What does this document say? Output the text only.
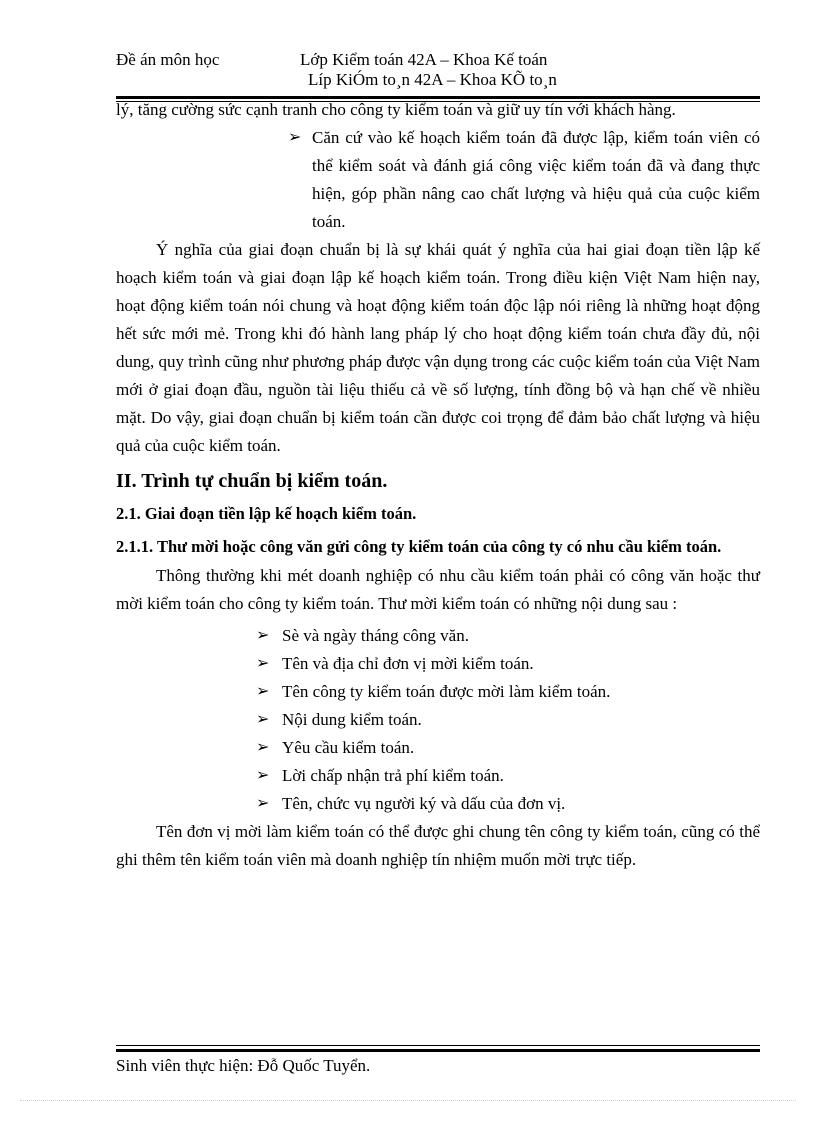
Đề án môn học	Lớp Kiểm toán 42A – Khoa Kế toán
Líp KiÓm to¸n 42A – Khoa KÕ to¸n

lý, tăng cường sức cạnh tranh cho công ty kiểm toán và giữ uy tín với khách hàng.

➢ Căn cứ vào kế hoạch kiểm toán đã được lập, kiểm toán viên có thể kiểm soát và đánh giá công việc kiểm toán đã và đang thực hiện, góp phần nâng cao chất lượng và hiệu quả của cuộc kiểm toán.

Ý nghĩa của giai đoạn chuẩn bị là sự khái quát ý nghĩa của hai giai đoạn tiền lập kế hoạch kiểm toán và giai đoạn lập kế hoạch kiểm toán. Trong điều kiện Việt Nam hiện nay, hoạt động kiểm toán nói chung và hoạt động kiểm toán độc lập nói riêng là những hoạt động hết sức mới mẻ. Trong khi đó hành lang pháp lý cho hoạt động kiểm toán chưa đầy đủ, nội dung, quy trình cũng như phương pháp được vận dụng trong các cuộc kiểm toán của Việt Nam mới ở giai đoạn đầu, nguồn tài liệu thiếu cả về số lượng, tính đồng bộ và hạn chế về nhiều mặt. Do vậy, giai đoạn chuẩn bị kiểm toán cần được coi trọng để đảm bảo chất lượng và hiệu quả của cuộc kiểm toán.

II. Trình tự chuẩn bị kiểm toán.
2.1. Giai đoạn tiền lập kế hoạch kiểm toán.
2.1.1. Thư mời hoặc công văn gửi công ty kiểm toán của công ty có nhu cầu kiểm toán.

Thông thường khi mét doanh nghiệp có nhu cầu kiểm toán phải có công văn hoặc thư mời kiểm toán cho công ty kiểm toán. Thư mời kiểm toán có những nội dung sau :

➢ Sè và ngày tháng công văn.
➢ Tên và địa chỉ đơn vị mời kiểm toán.
➢ Tên công ty kiểm toán được mời làm kiểm toán.
➢ Nội dung kiểm toán.
➢ Yêu cầu kiểm toán.
➢ Lời chấp nhận trả phí kiểm toán.
➢ Tên, chức vụ người ký và dấu của đơn vị.

Tên đơn vị mời làm kiểm toán có thể được ghi chung tên công ty kiểm toán, cũng có thể ghi thêm tên kiểm toán viên mà doanh nghiệp tín nhiệm muốn mời trực tiếp.

Sinh viên thực hiện: Đỗ Quốc Tuyển.
